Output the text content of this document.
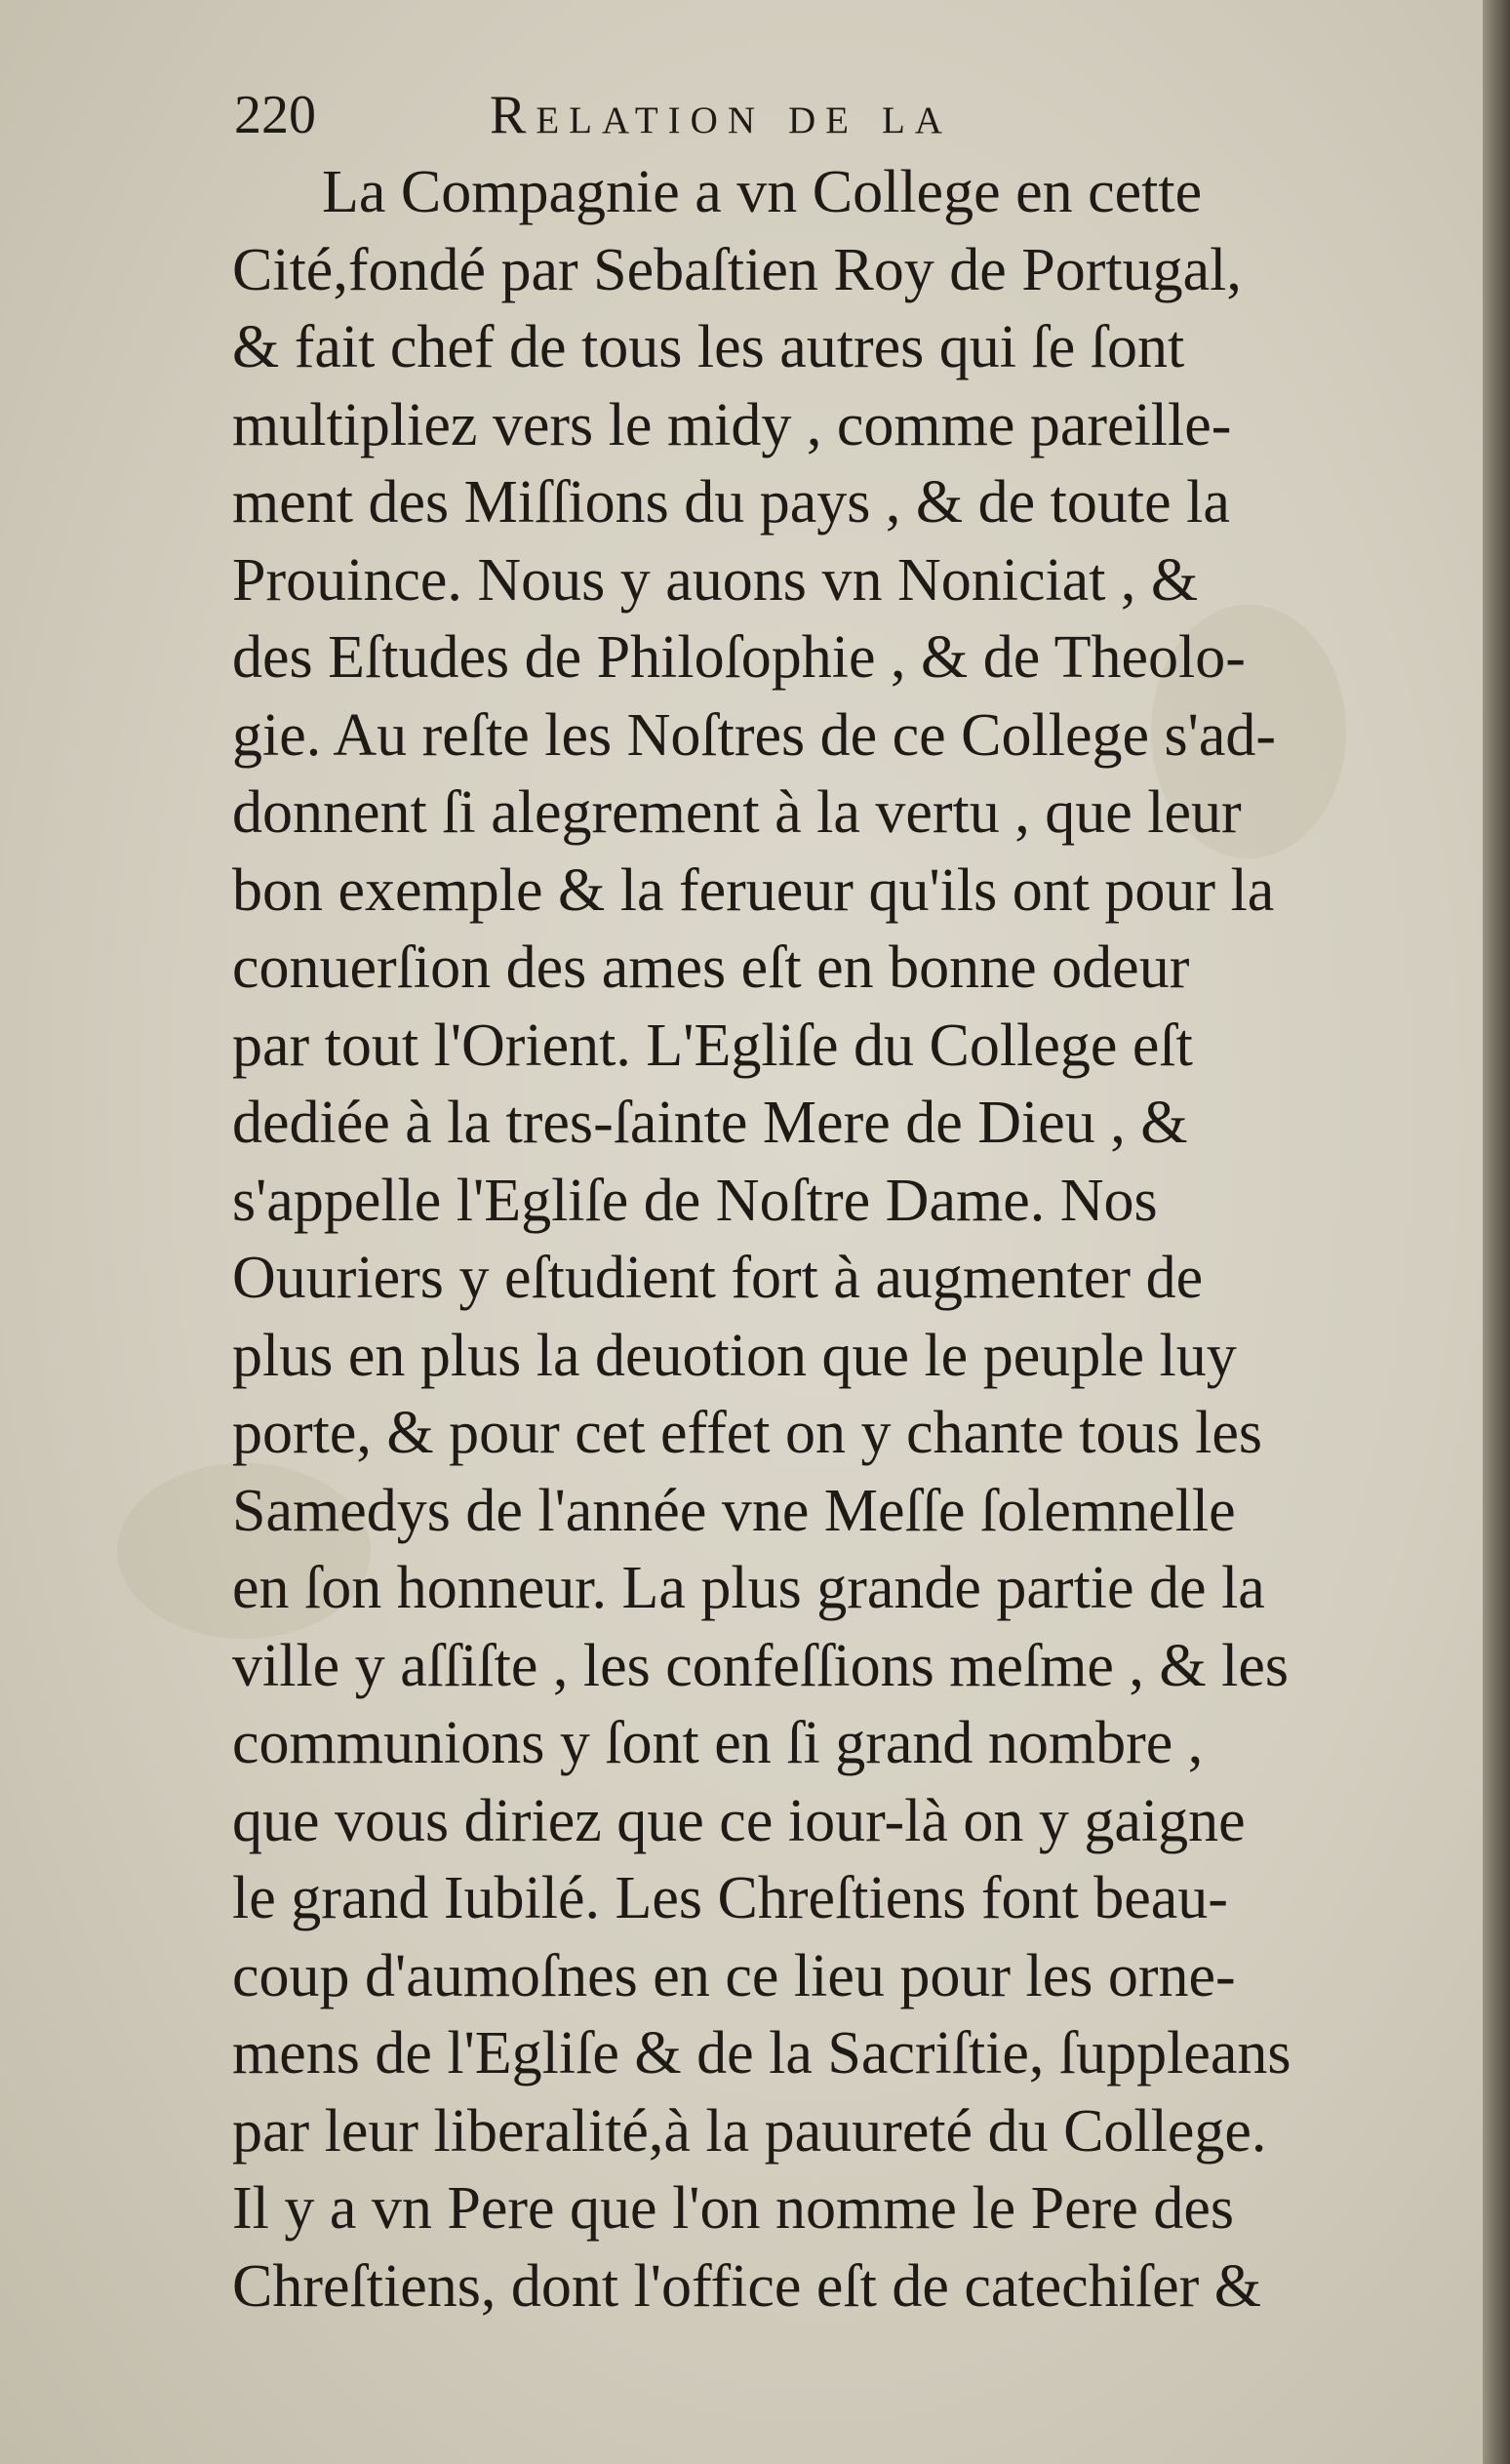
220	Relation de la
La Compagnie a vn College en cette
Cité,fondé par Sebaſtien Roy de Portugal,
& fait chef de tous les autres qui ſe ſont
multipliez vers le midy , comme pareille-
ment des Miſſions du pays , & de toute la
Prouince. Nous y auons vn Noniciat , &
des Eſtudes de Philoſophie , & de Theolo-
gie. Au reſte les Noſtres de ce College s'ad-
donnent ſi alegrement à la vertu , que leur
bon exemple & la ferueur qu'ils ont pour la
conuerſion des ames eſt en bonne odeur
par tout l'Orient. L'Egliſe du College eſt
dediée à la tres-ſainte Mere de Dieu , &
s'appelle l'Egliſe de Noſtre Dame. Nos
Ouuriers y eſtudient fort à augmenter de
plus en plus la deuotion que le peuple luy
porte, & pour cet effet on y chante tous les
Samedys de l'année vne Meſſe ſolemnelle
en ſon honneur. La plus grande partie de la
ville y aſſiſte , les confeſſions meſme , & les
communions y ſont en ſi grand nombre ,
que vous diriez que ce iour-là on y gaigne
le grand Iubilé. Les Chreſtiens font beau-
coup d'aumoſnes en ce lieu pour les orne-
mens de l'Egliſe & de la Sacriſtie, ſuppleans
par leur liberalité,à la pauureté du College.
Il y a vn Pere que l'on nomme le Pere des
Chreſtiens, dont l'office eſt de catechiſer &
